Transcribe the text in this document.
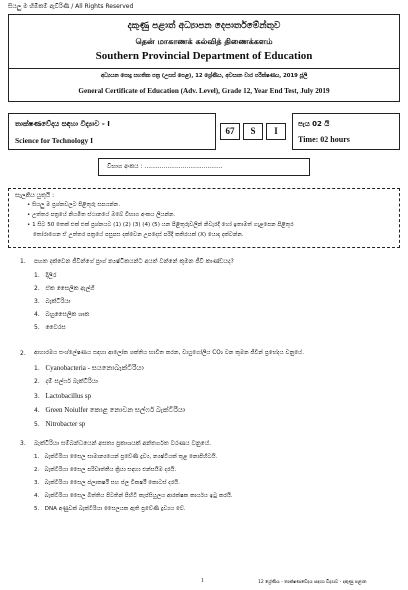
සියලු ම හිමිකම් ඇවිරිණි / All Rights Reserved
දකුණු පළාත් අධ්‍යාපන දෙපාර්තමේන්තුව
தென் மாகாணக் கல்வித் திணைக்களம்
Southern Provincial Department of Education
අධ්‍යයන පොදු සහතික පත්‍ර (උසස් පෙළ), 12 ශ්‍රේණිය, අවසාන වාර පරීක්ෂණය, 2019 ජූලි
General Certificate of Education (Adv. Level), Grade 12, Year End Test, July 2019
තාක්ෂණවේදය සඳහා විද්‍යාව - I
Science for Technology I
67	S	I
පැය 02 යි
Time: 02 hours
විභාග අංකය : .........................................
සැලකිය යුතුයි :
• සියලු ම ප්‍රශ්නවලට පිළිතුරු සපයන්න.
• උත්තර පත්‍රයේ නියමිත ස්ථානයේ ඔබේ විභාග අංකය ලියන්න.
• 1 සිට 50 තෙක් එක් එක් ප්‍රශ්නයට (1) (2) (3) (4) (5) යන පිළිතුරුවලින් නිවැරදි හෝ ඉතාමත් ගැළපෙන පිළිතුර
තෝරාගෙන ඒ උත්තර පත්‍රයේ පසුපස දක්වෙන උපදෙස් පරිදි කතිරයක් (X) යොදා දක්වන්න.
1. පහත දක්වෙන ජීවීන්ගේ ප්‍රාග් න්‍යෂ්ටිකයන්ට අයත් වන්නේ කුමන ජීවී කාණ්ඩයද?
1.   දිලීර
2.   ඒක සෛලික ඇල්ගී
3.   බැක්ටීරියා
4.   බහුසෛලික ශාක
5.   වෛරස
2. ආහාරමය සංශ්ලේෂණය සඳහා ආලෝක ශක්තිය භාවිත කරන, වායුගෝලීය CO₂ වන කුමන ජීවීන් ප්‍රභේදය වනුයේ.
1.   Cyanobacteria - සයනොබැක්ටීරියා
2.   දම් සල්ෆර් බැක්ටීරියා
3.   Lactobacillus sp
4.   Green Noiulfer කොළ නොවන සල්ෆර් බැක්ටීරියා
5.   Nitrobacter sp
3. බැක්ටීරියා සම්බන්ධයෙන් අසත්‍ය ප්‍රකාශයක් අන්තර්ගත වරණය වනුයේ.
1.   බැක්ටීරියා සෛල සාමාන්‍යයෙන් ප්‍රවේණි ද්‍රව්‍ය, න්‍යෂ්ටියක් තුළ නොපිහිටයි.
2.   බැක්ටීරියා සෛල පරිවෘත්තීය ක්‍රියා සඳහා එන්සයිම දරයි.
3.   බැක්ටීරියා සෛල ජලාකර්ෂී සහ ජල විකර්ෂී කොටස් දරයි.
4.   බැක්ටීරියා සෛල බිත්තිය පිටතින් පිහිටි කැප්සියුලය ආරක්ෂක කාර්යය ඉටු කරයි.
5.   DNA අණුවක් බැක්ටීරියා සෛලයක ඇති ප්‍රවේණි ද්‍රව්‍යය වේ.
1	12 ශ්‍රේණිය - තාක්ෂණවේදය සඳහා විද්‍යාව - දකුණු පළාත
